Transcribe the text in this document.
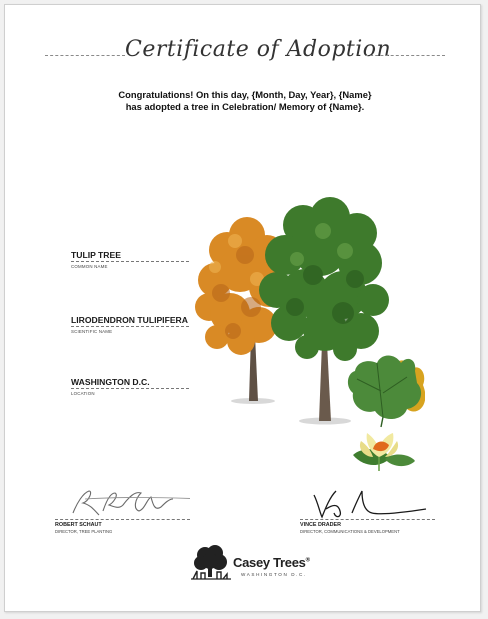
Certificate of Adoption
Congratulations! On this day, {Month, Day, Year}, {Name}
has adopted a tree in Celebration/ Memory of {Name}.
TULIP TREE
COMMON NAME
LIRODENDRON TULIPIFERA
SCIENTIFIC NAME
WASHINGTON D.C.
LOCATION
ROBERT SCHAUT
DIRECTOR, TREE PLANTING
VINCE DRADER
DIRECTOR, COMMUNICATIONS & DEVELOPMENT
Casey Trees®
WASHINGTON D.C.
